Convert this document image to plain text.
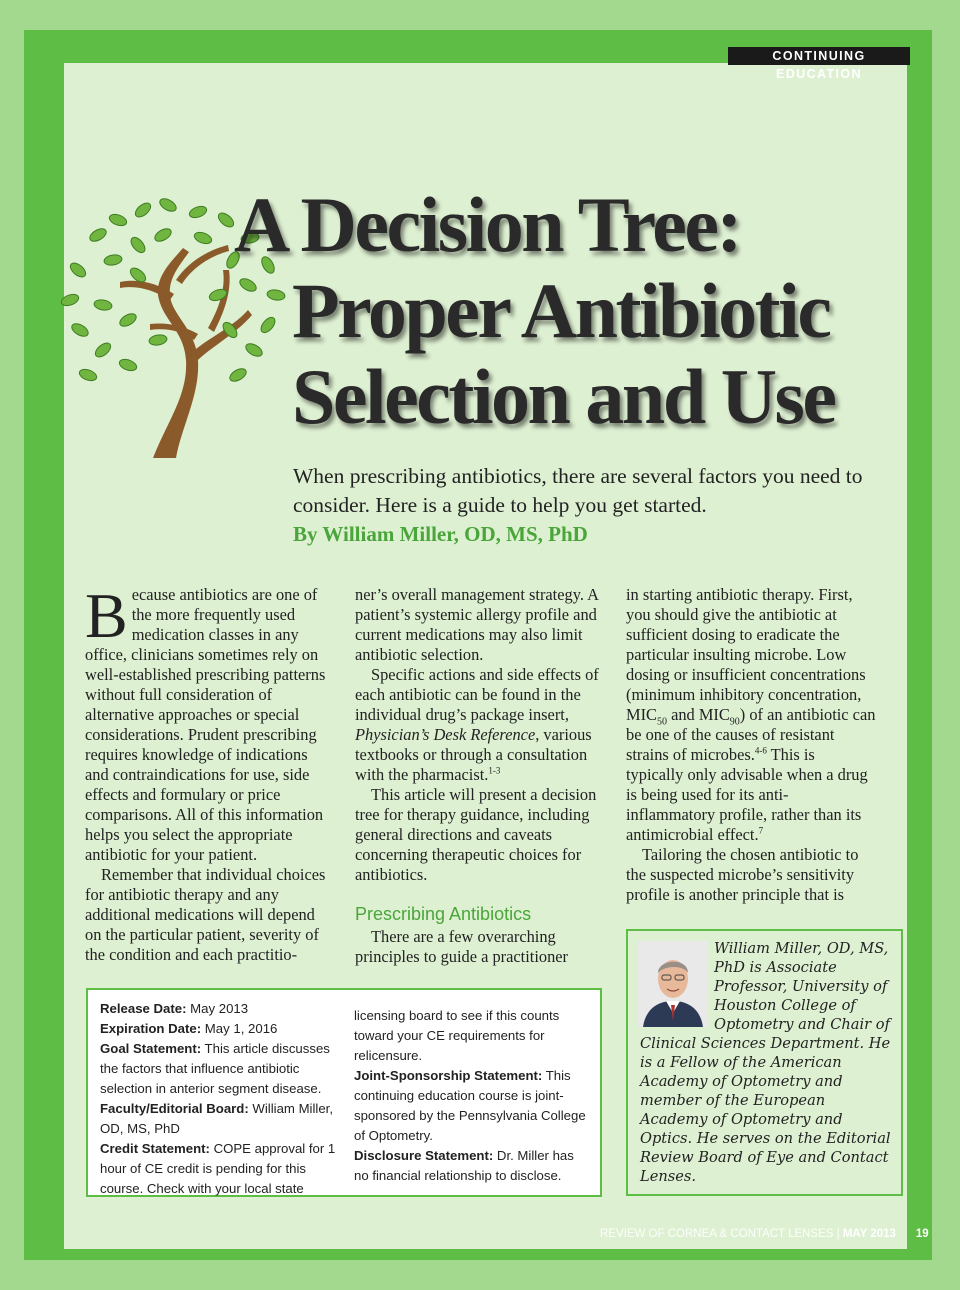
CONTINUING EDUCATION
A Decision Tree:
Proper Antibiotic
Selection and Use

When prescribing antibiotics, there are several factors you need to consider. Here is a guide to help you get started.

By William Miller, OD, MS, PhD

Because antibiotics are one of the more frequently used medication classes in any office, clinicians sometimes rely on well-established prescribing patterns without full consideration of alternative approaches or special considerations. Prudent prescribing requires knowledge of indications and contraindications for use, side effects and formulary or price comparisons. All of this information helps you select the appropriate antibiotic for your patient.

Remember that individual choices for antibiotic therapy and any additional medications will depend on the particular patient, severity of the condition and each practitio-

ner’s overall management strategy. A patient’s systemic allergy profile and current medications may also limit antibiotic selection.

Specific actions and side effects of each antibiotic can be found in the individual drug’s package insert, Physician’s Desk Reference, various textbooks or through a consultation with the pharmacist.$^{1-3}$

This article will present a decision tree for therapy guidance, including general directions and caveats concerning therapeutic choices for antibiotics.

Prescribing Antibiotics

There are a few overarching principles to guide a practitioner

in starting antibiotic therapy. First, you should give the antibiotic at sufficient dosing to eradicate the particular insulting microbe. Low dosing or insufficient concentrations (minimum inhibitory concentration, $MIC_{50}$ and $MIC_{90}$) of an antibiotic can be one of the causes of resistant strains of microbes.$^{4-6}$ This is typically only advisable when a drug is being used for its anti-inflammatory profile, rather than its antimicrobial effect.$^7$

Tailoring the chosen antibiotic to the suspected microbe’s sensitivity profile is another principle that is

Release Date: May 2013

Expiration Date: May 1, 2016

Goal Statement: This article discusses the factors that influence antibiotic selection in anterior segment disease.

Faculty/Editorial Board: William Miller, OD, MS, PhD

Credit Statement: COPE approval for 1 hour of CE credit is pending for this course. Check with your local state

licensing board to see if this counts toward your CE requirements for relicensure.

Joint-Sponsorship Statement: This continuing education course is joint-sponsored by the Pennsylvania College of Optometry.

Disclosure Statement: Dr. Miller has no financial relationship to disclose.

William Miller, OD, MS, PhD is Associate Professor, University of Houston College of Optometry and Chair of Clinical Sciences Department. He is a Fellow of the American Academy of Optometry and member of the European Academy of Optometry and Optics. He serves on the Editorial Review Board of Eye and Contact Lenses.

REVIEW OF CORNEA & CONTACT LENSES | MAY 2013 19
